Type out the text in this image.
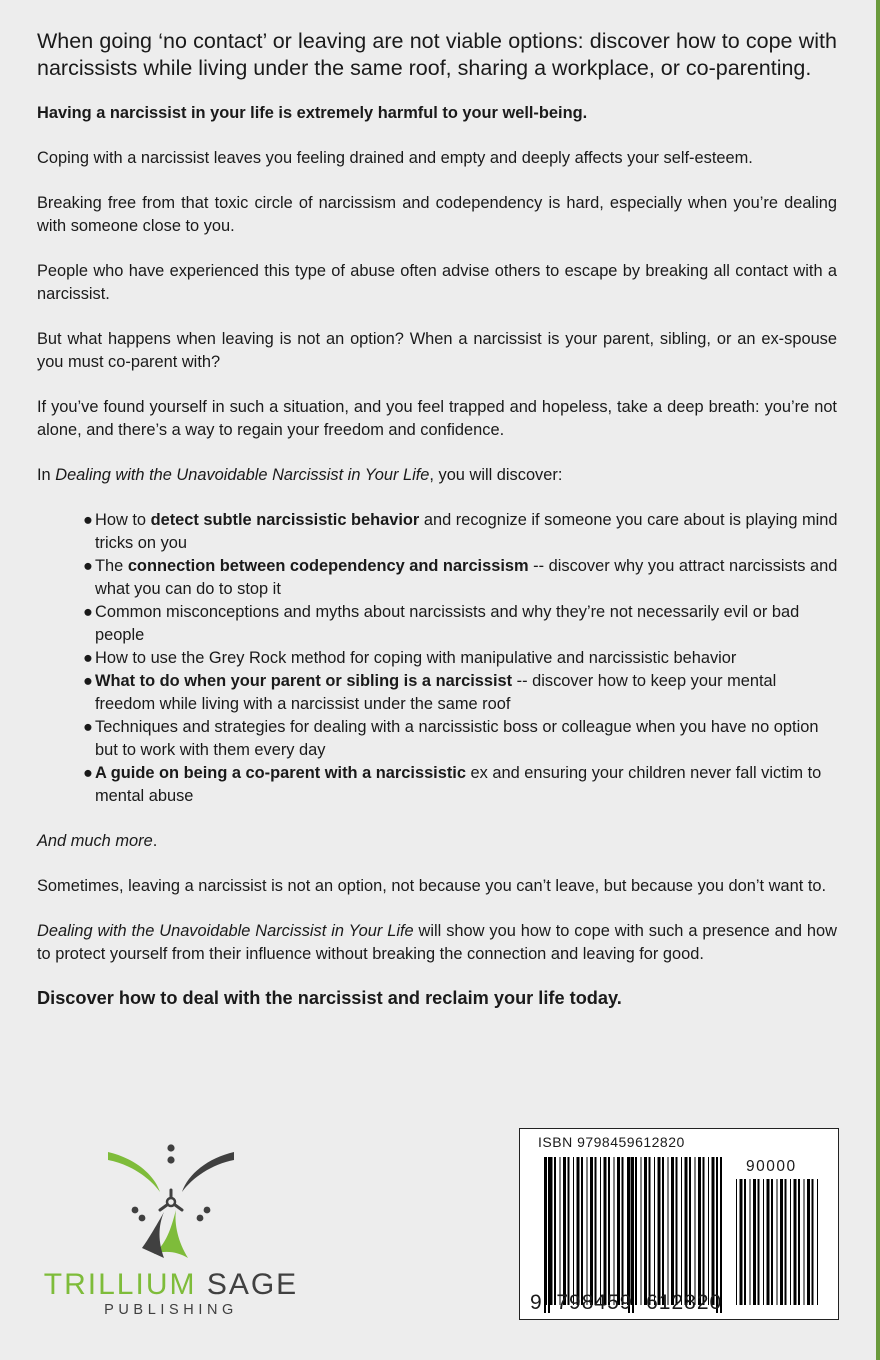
When going ‘no contact’ or leaving are not viable options: discover how to cope with narcissists while living under the same roof, sharing a workplace, or co-parenting.

Having a narcissist in your life is extremely harmful to your well-being.

Coping with a narcissist leaves you feeling drained and empty and deeply affects your self-esteem.

Breaking free from that toxic circle of narcissism and codependency is hard, especially when you’re dealing with someone close to you.

People who have experienced this type of abuse often advise others to escape by breaking all contact with a narcissist.

But what happens when leaving is not an option? When a narcissist is your parent, sibling, or an ex-spouse you must co-parent with?

If you’ve found yourself in such a situation, and you feel trapped and hopeless, take a deep breath: you’re not alone, and there’s a way to regain your freedom and confidence.

In Dealing with the Unavoidable Narcissist in Your Life, you will discover:

● How to detect subtle narcissistic behavior and recognize if someone you care about is playing mind tricks on you
● The connection between codependency and narcissism -- discover why you attract narcissists and what you can do to stop it
● Common misconceptions and myths about narcissists and why they’re not necessarily evil or bad people
● How to use the Grey Rock method for coping with manipulative and narcissistic behavior
● What to do when your parent or sibling is a narcissist -- discover how to keep your mental freedom while living with a narcissist under the same roof
● Techniques and strategies for dealing with a narcissistic boss or colleague when you have no option but to work with them every day
● A guide on being a co-parent with a narcissistic ex and ensuring your children never fall victim to mental abuse

And much more.

Sometimes, leaving a narcissist is not an option, not because you can’t leave, but because you don’t want to.

Dealing with the Unavoidable Narcissist in Your Life will show you how to cope with such a presence and how to protect yourself from their influence without breaking the connection and leaving for good.

Discover how to deal with the narcissist and reclaim your life today.
TRILLIUM SAGE
PUBLISHING
ISBN 9798459612820
90000
9 798459 612820
